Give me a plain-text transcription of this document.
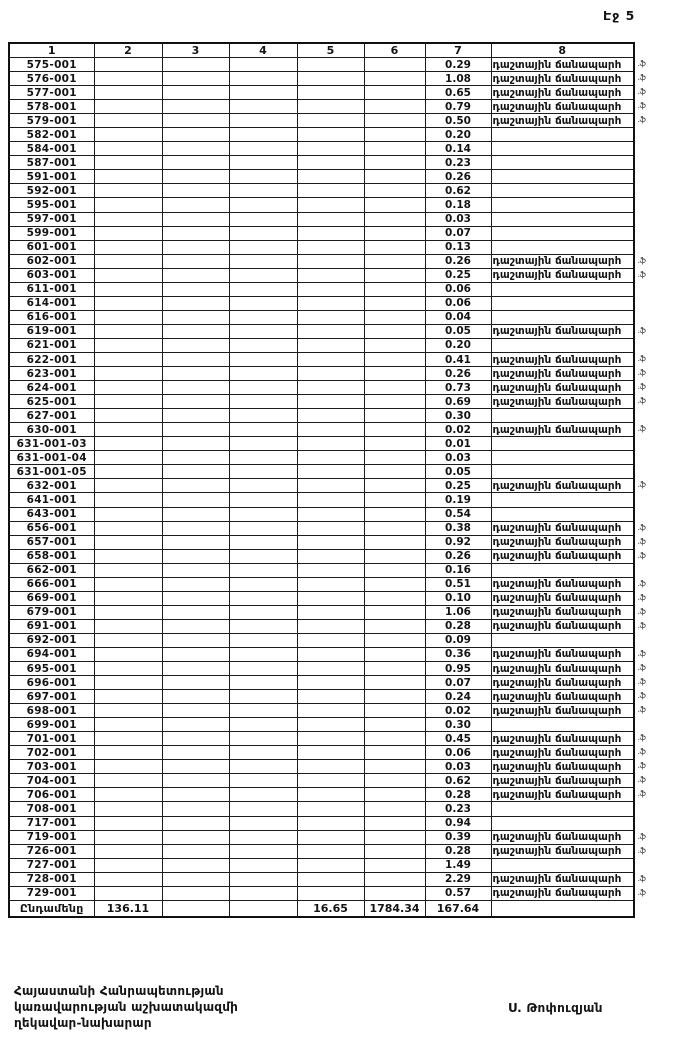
Էջ 5
1	2	3	4	5	6	7	8
575-001						0.29	դաշտային ճանապարհ .ֆ

576-001						1.08	դաշտային ճանապարհ .ֆ

577-001						0.65	դաշտային ճանապարհ .ֆ

578-001						0.79	դաշտային ճանապարհ .ֆ

579-001						0.50	դաշտային ճանապարհ .ֆ

582-001						0.20	

584-001						0.14	

587-001						0.23	

591-001						0.26	

592-001						0.62	

595-001						0.18	

597-001						0.03	

599-001						0.07	

601-001						0.13	

602-001						0.26	դաշտային ճանապարհ .ֆ

603-001						0.25	դաշտային ճանապարհ .ֆ

611-001						0.06	

614-001						0.06	

616-001						0.04	

619-001						0.05	դաշտային ճանապարհ .ֆ

621-001						0.20	

622-001						0.41	դաշտային ճանապարհ .ֆ

623-001						0.26	դաշտային ճանապարհ .ֆ

624-001						0.73	դաշտային ճանապարհ .ֆ

625-001						0.69	դաշտային ճանապարհ .ֆ

627-001						0.30	

630-001						0.02	դաշտային ճանապարհ .ֆ

631-001-03						0.01	

631-001-04						0.03	

631-001-05						0.05	

632-001						0.25	դաշտային ճանապարհ .ֆ

641-001						0.19	

643-001						0.54	

656-001						0.38	դաշտային ճանապարհ .ֆ

657-001						0.92	դաշտային ճանապարհ .ֆ

658-001						0.26	դաշտային ճանապարհ .ֆ

662-001						0.16	

666-001						0.51	դաշտային ճանապարհ .ֆ

669-001						0.10	դաշտային ճանապարհ .ֆ

679-001						1.06	դաշտային ճանապարհ .ֆ

691-001						0.28	դաշտային ճանապարհ .ֆ

692-001						0.09	

694-001						0.36	դաշտային ճանապարհ .ֆ

695-001						0.95	դաշտային ճանապարհ .ֆ

696-001						0.07	դաշտային ճանապարհ .ֆ

697-001						0.24	դաշտային ճանապարհ .ֆ

698-001						0.02	դաշտային ճանապարհ .ֆ

699-001						0.30	

701-001						0.45	դաշտային ճանապարհ .ֆ

702-001						0.06	դաշտային ճանապարհ .ֆ

703-001						0.03	դաշտային ճանապարհ .ֆ

704-001						0.62	դաշտային ճանապարհ .ֆ

706-001						0.28	դաշտային ճանապարհ .ֆ

708-001						0.23	

717-001						0.94	

719-001						0.39	դաշտային ճանապարհ .ֆ

726-001						0.28	դաշտային ճանապարհ .ֆ

727-001						1.49	

728-001						2.29	դաշտային ճանապարհ .ֆ

729-001						0.57	դաշտային ճանապարհ .ֆ

Ընդամենը	136.11			16.65	1784.34	167.64	
Հայաստանի Հանրապետության
կառավարության աշխատակազմի
ղեկավար-նախարար
Ս. Թոփուզյան
